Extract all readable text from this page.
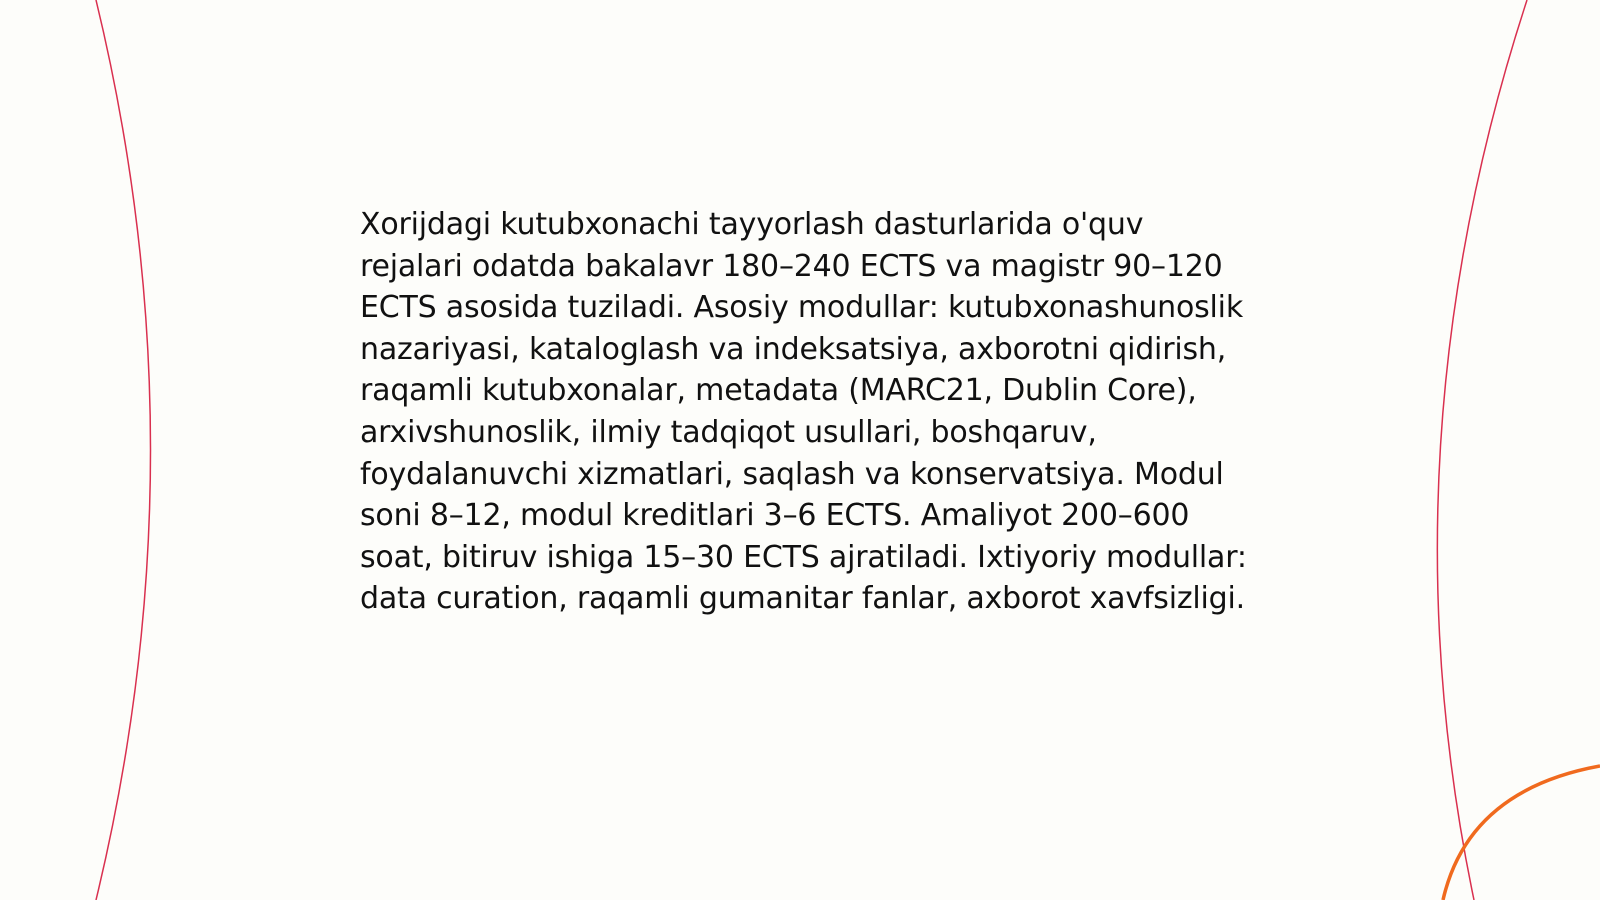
Xorijdagi kutubxonachi tayyorlash dasturlarida o'quv rejalari odatda bakalavr 180–240 ECTS va magistr 90–120 ECTS asosida tuziladi. Asosiy modullar: kutubxonashunoslik nazariyasi, kataloglash va indeksatsiya, axborotni qidirish, raqamli kutubxonalar, metadata (MARC21, Dublin Core), arxivshunoslik, ilmiy tadqiqot usullari, boshqaruv, foydalanuvchi xizmatlari, saqlash va konservatsiya. Modul soni 8–12, modul kreditlari 3–6 ECTS. Amaliyot 200–600 soat, bitiruv ishiga 15–30 ECTS ajratiladi. Ixtiyoriy modullar: data curation, raqamli gumanitar fanlar, axborot xavfsizligi.
